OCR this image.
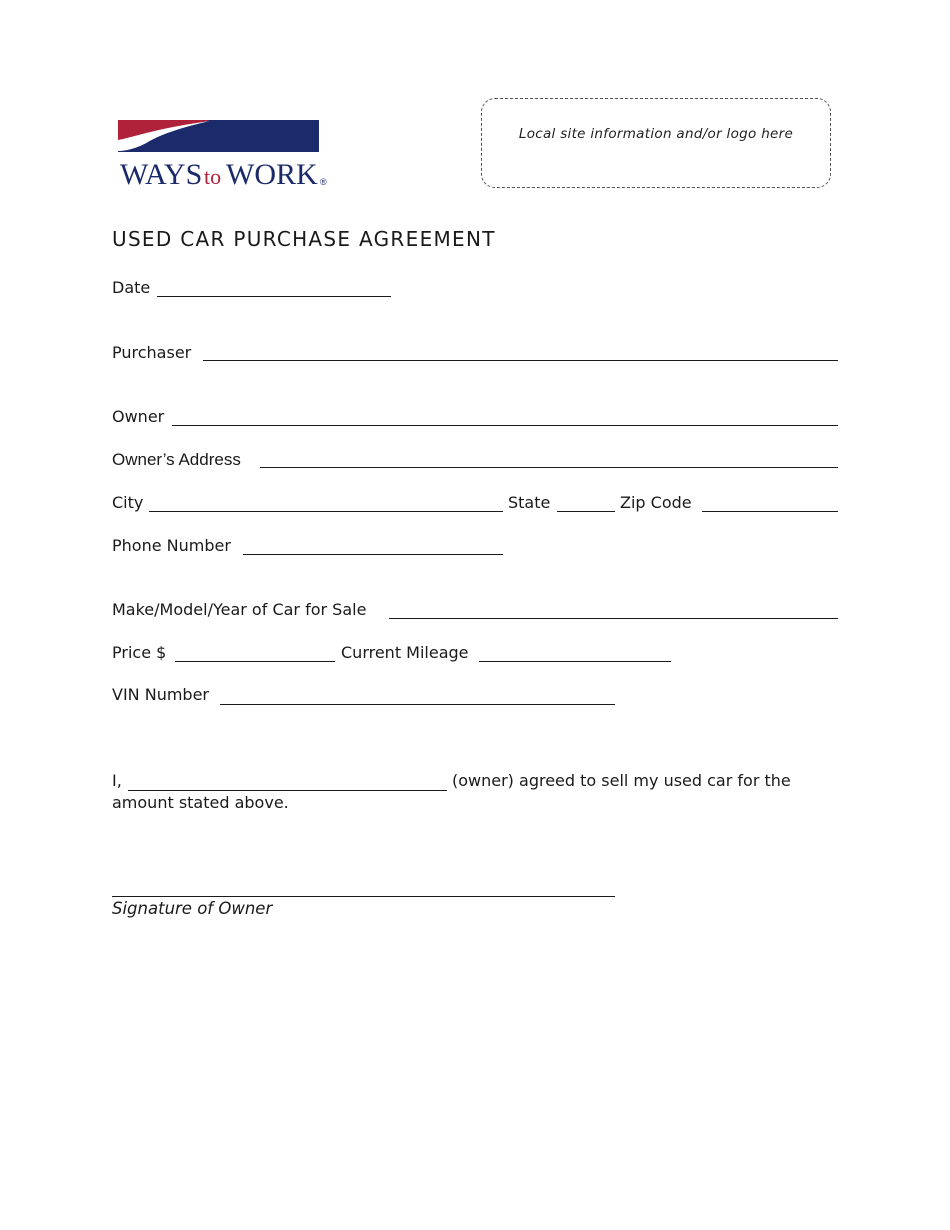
WAYS to WORK ®
Local site information and/or logo here
USED CAR PURCHASE AGREEMENT
Date
Purchaser
Owner
Owner’s Address
City	State	Zip Code
Phone Number
Make/Model/Year of Car for Sale
Price $	Current Mileage
VIN Number
I,	(owner) agreed to sell my used car for the
amount stated above.
Signature of Owner
